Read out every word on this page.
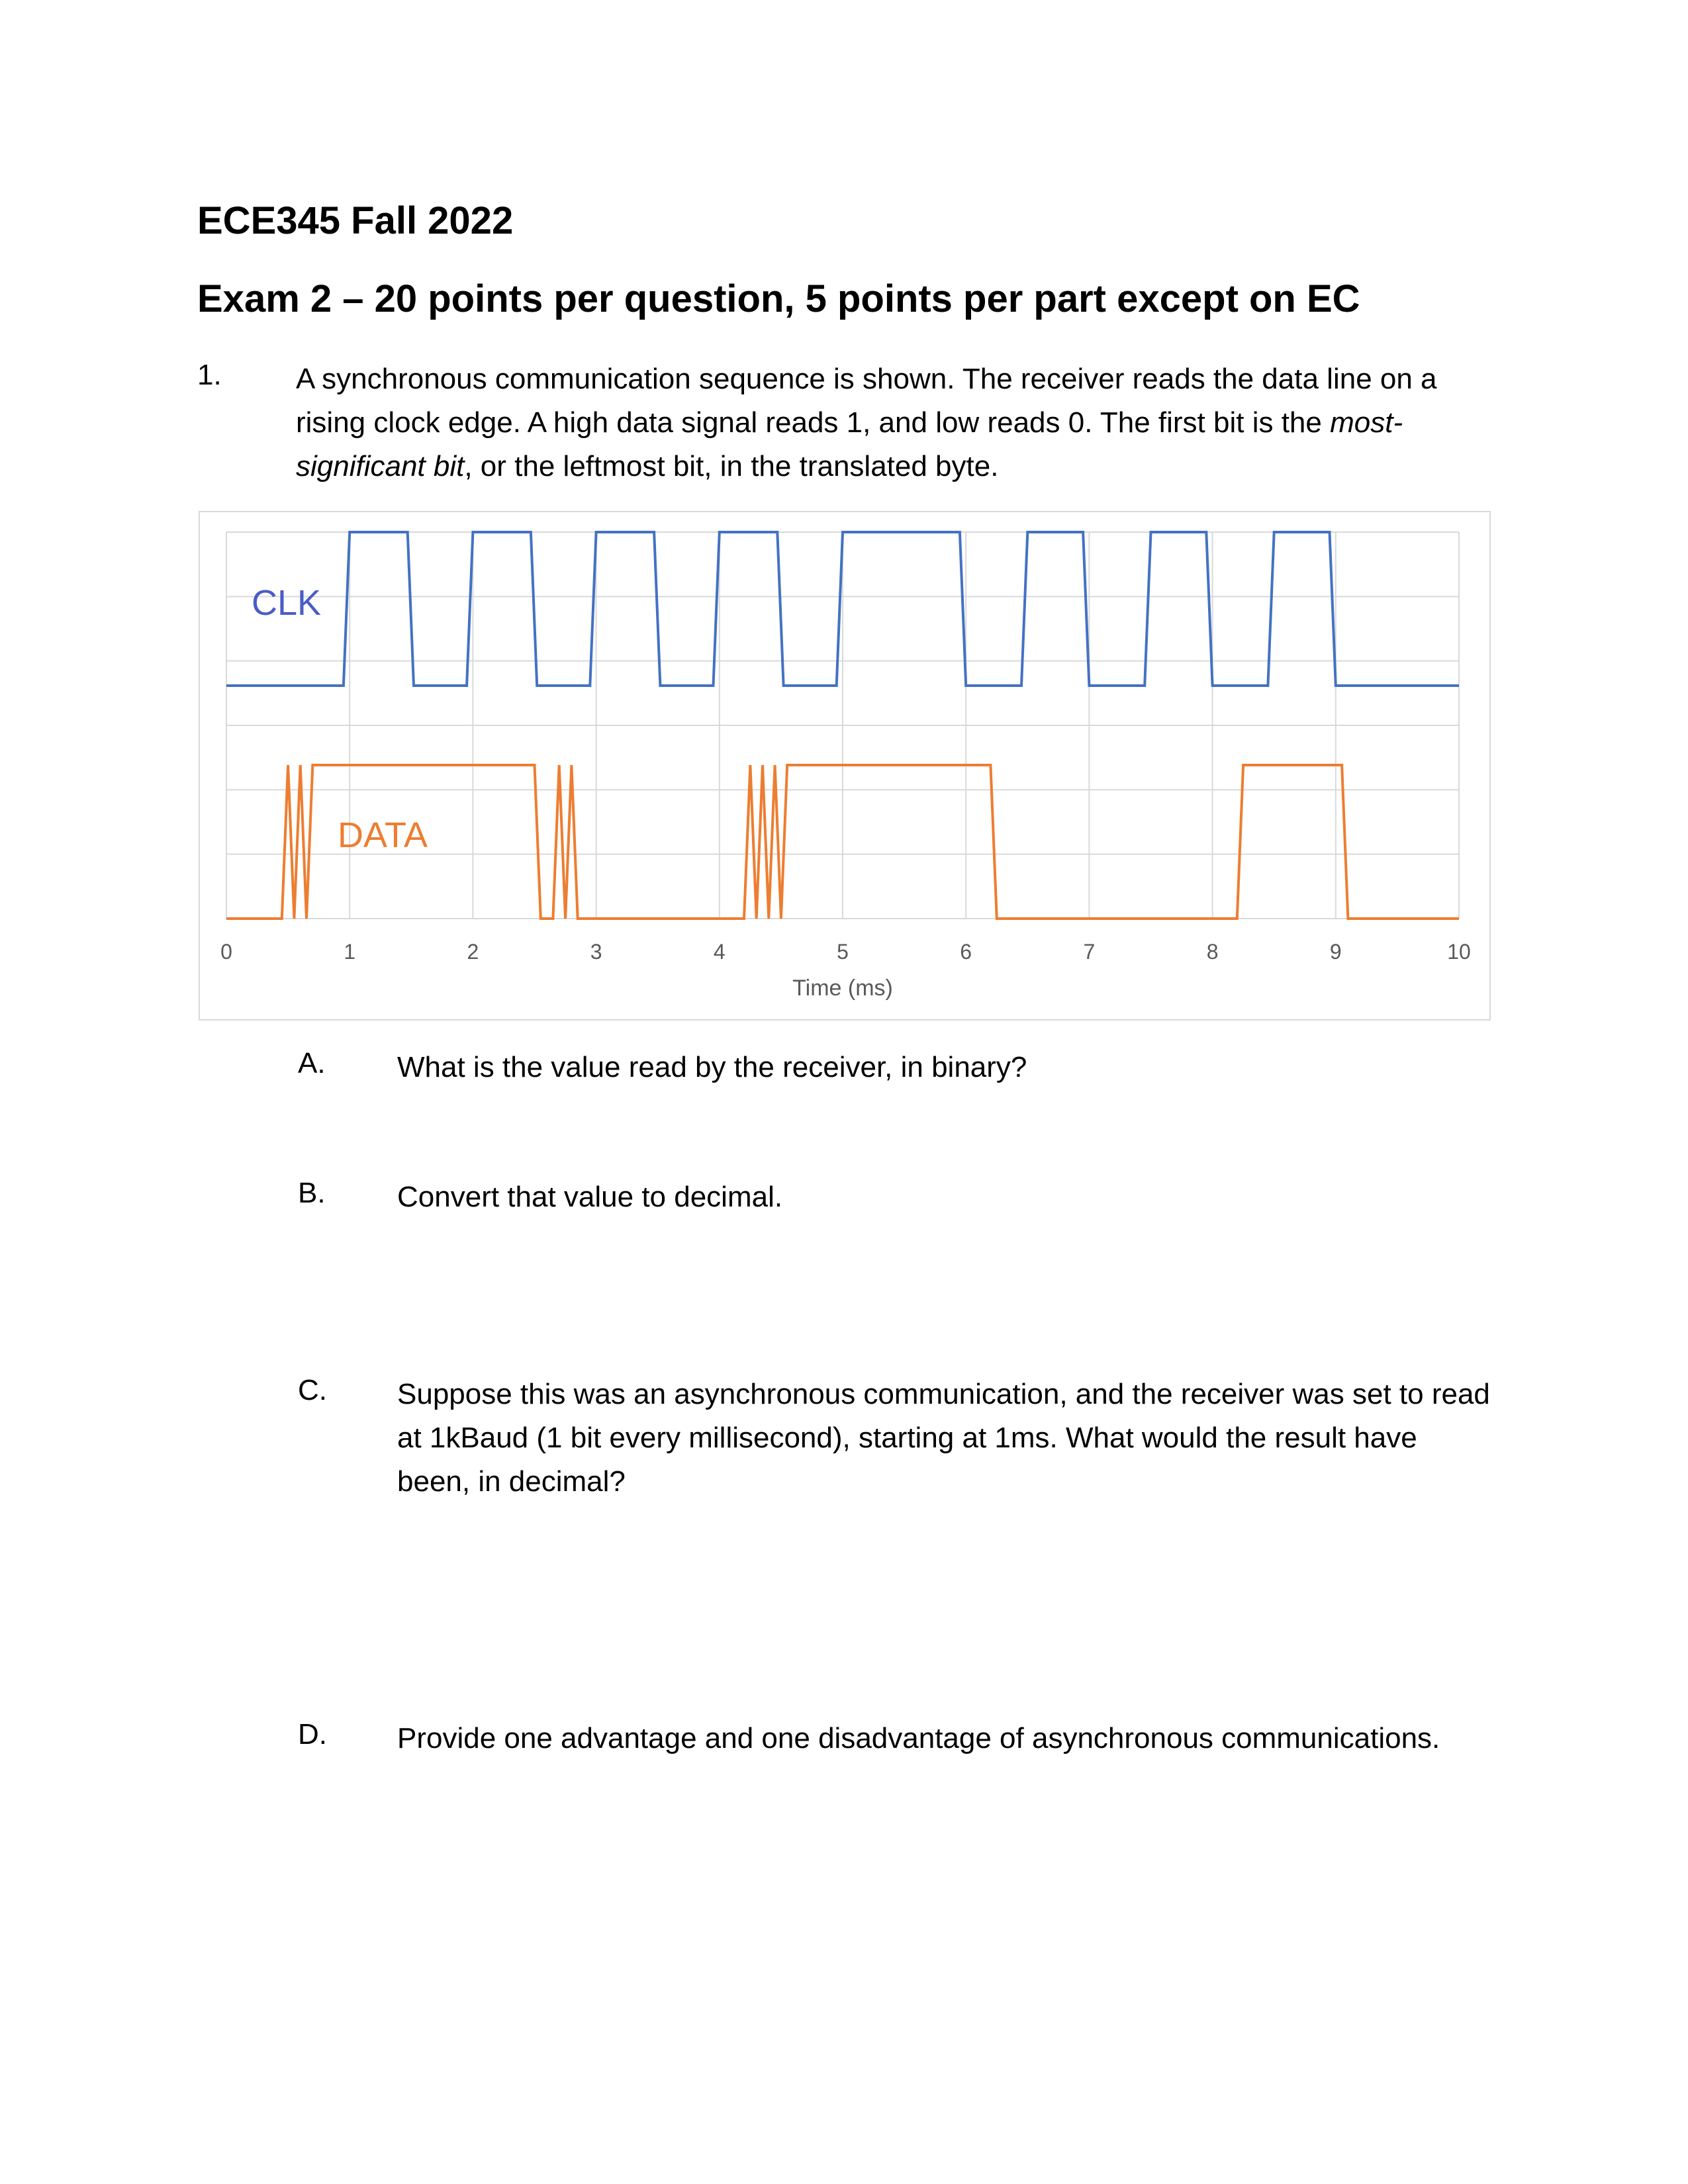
ECE345 Fall 2022
Exam 2 – 20 points per question, 5 points per part except on EC
1.	A synchronous communication sequence is shown. The receiver reads the data line on a rising clock edge. A high data signal reads 1, and low reads 0. The first bit is the most-significant bit, or the leftmost bit, in the translated byte.
CLK
DATA
0	1	2	3	4	5	6	7	8	9	10
Time (ms)
A. What is the value read by the receiver, in binary?
B. Convert that value to decimal.
C. Suppose this was an asynchronous communication, and the receiver was set to read at 1kBaud (1 bit every millisecond), starting at 1ms. What would the result have been, in decimal?
D. Provide one advantage and one disadvantage of asynchronous communications.
